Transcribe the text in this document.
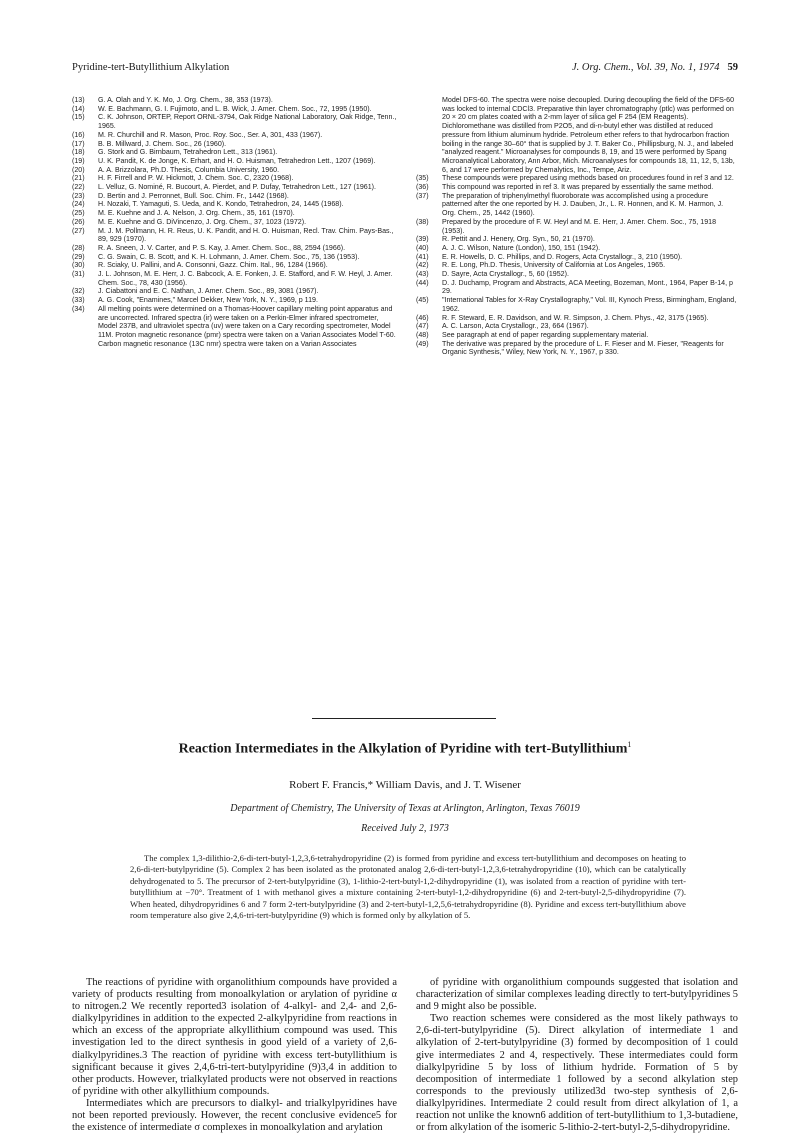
Pyridine-tert-Butyllithium Alkylation	J. Org. Chem., Vol. 39, No. 1, 1974 59
(13)	G. A. Olah and Y. K. Mo, J. Org. Chem., 38, 353 (1973).
(14)	W. E. Bachmann, G. I. Fujimoto, and L. B. Wick, J. Amer. Chem. Soc., 72, 1995 (1950).
(15)	C. K. Johnson, ORTEP, Report ORNL-3794, Oak Ridge National Laboratory, Oak Ridge, Tenn., 1965.
(16)	M. R. Churchill and R. Mason, Proc. Roy. Soc., Ser. A, 301, 433 (1967).
(17)	B. B. Millward, J. Chem. Soc., 26 (1960).
(18)	G. Stork and G. Birnbaum, Tetrahedron Lett., 313 (1961).
(19)	U. K. Pandit, K. de Jonge, K. Erhart, and H. O. Huisman, Tetrahedron Lett., 1207 (1969).
(20)	A. A. Brizzolara, Ph.D. Thesis, Columbia University, 1960.
(21)	H. F. Firrell and P. W. Hickmott, J. Chem. Soc. C, 2320 (1968).
(22)	L. Velluz, G. Nominé, R. Bucourt, A. Pierdet, and P. Dufay, Tetrahedron Lett., 127 (1961).
(23)	D. Bertin and J. Perronnet, Bull. Soc. Chim. Fr., 1442 (1968).
(24)	H. Nozaki, T. Yamaguti, S. Ueda, and K. Kondo, Tetrahedron, 24, 1445 (1968).
(25)	M. E. Kuehne and J. A. Nelson, J. Org. Chem., 35, 161 (1970).
(26)	M. E. Kuehne and G. DiVincenzo, J. Org. Chem., 37, 1023 (1972).
(27)	M. J. M. Pollmann, H. R. Reus, U. K. Pandit, and H. O. Huisman, Recl. Trav. Chim. Pays-Bas., 89, 929 (1970).
(28)	R. A. Sneen, J. V. Carter, and P. S. Kay, J. Amer. Chem. Soc., 88, 2594 (1966).
(29)	C. G. Swain, C. B. Scott, and K. H. Lohmann, J. Amer. Chem. Soc., 75, 136 (1953).
(30)	R. Sciaky, U. Pallini, and A. Consonni, Gazz. Chim. Ital., 96, 1284 (1966).
(31)	J. L. Johnson, M. E. Herr, J. C. Babcock, A. E. Fonken, J. E. Stafford, and F. W. Heyl, J. Amer. Chem. Soc., 78, 430 (1956).
(32)	J. Ciabattoni and E. C. Nathan, J. Amer. Chem. Soc., 89, 3081 (1967).
(33)	A. G. Cook, "Enamines," Marcel Dekker, New York, N. Y., 1969, p 119.
(34)	All melting points were determined on a Thomas-Hoover capillary melting point apparatus and are uncorrected. Infrared spectra (ir) were taken on a Perkin-Elmer infrared spectrometer, Model 237B, and ultraviolet spectra (uv) were taken on a Cary recording spectrometer, Model 11M. Proton magnetic resonance (pmr) spectra were taken on a Varian Associates Model T-60. Carbon magnetic resonance (13C nmr) spectra were taken on a Varian Associates
Model DFS-60. The spectra were noise decoupled. During decoupling the field of the DFS-60 was locked to internal CDCl3. Preparative thin layer chromatography (ptlc) was performed on 20 × 20 cm plates coated with a 2-mm layer of silica gel F 254 (EM Reagents). Dichloromethane was distilled from P2O5, and di-n-butyl ether was distilled at reduced pressure from lithium aluminum hydride. Petroleum ether refers to that hydrocarbon fraction boiling in the range 30–60° that is supplied by J. T. Baker Co., Phillipsburg, N. J., and labeled "analyzed reagent." Microanalyses for compounds 8, 19, and 15 were performed by Spang Microanalytical Laboratory, Ann Arbor, Mich. Microanalyses for compounds 18, 11, 12, 5, 13b, 6, and 17 were performed by Chemalytics, Inc., Tempe, Ariz.
(35)	These compounds were prepared using methods based on procedures found in ref 3 and 12.
(36)	This compound was reported in ref 3. It was prepared by essentially the same method.
(37)	The preparation of triphenylmethyl fluoroborate was accomplished using a procedure patterned after the one reported by H. J. Dauben, Jr., L. R. Honnen, and K. M. Harmon, J. Org. Chem., 25, 1442 (1960).
(38)	Prepared by the procedure of F. W. Heyl and M. E. Herr, J. Amer. Chem. Soc., 75, 1918 (1953).
(39)	R. Pettit and J. Henery, Org. Syn., 50, 21 (1970).
(40)	A. J. C. Wilson, Nature (London), 150, 151 (1942).
(41)	E. R. Howells, D. C. Phillips, and D. Rogers, Acta Crystallogr., 3, 210 (1950).
(42)	R. E. Long, Ph.D. Thesis, University of California at Los Angeles, 1965.
(43)	D. Sayre, Acta Crystallogr., 5, 60 (1952).
(44)	D. J. Duchamp, Program and Abstracts, ACA Meeting, Bozeman, Mont., 1964, Paper B-14, p 29.
(45)	"International Tables for X-Ray Crystallography," Vol. III, Kynoch Press, Birmingham, England, 1962.
(46)	R. F. Steward, E. R. Davidson, and W. R. Simpson, J. Chem. Phys., 42, 3175 (1965).
(47)	A. C. Larson, Acta Crystallogr., 23, 664 (1967).
(48)	See paragraph at end of paper regarding supplementary material.
(49)	The derivative was prepared by the procedure of L. F. Fieser and M. Fieser, "Reagents for Organic Synthesis," Wiley, New York, N. Y., 1967, p 330.
Reaction Intermediates in the Alkylation of Pyridine with tert-Butyllithium$^1$
Robert F. Francis,* William Davis, and J. T. Wisener
Department of Chemistry, The University of Texas at Arlington, Arlington, Texas 76019
Received July 2, 1973

The complex 1,3-dilithio-2,6-di-tert-butyl-1,2,3,6-tetrahydropyridine (2) is formed from pyridine and excess tert-butyllithium and decomposes on heating to 2,6-di-tert-butylpyridine (5). Complex 2 has been isolated as the protonated analog 2,6-di-tert-butyl-1,2,3,6-tetrahydropyridine (10), which can be catalytically dehydrogenated to 5. The precursor of 2-tert-butylpyridine (3), 1-lithio-2-tert-butyl-1,2-dihydropyridine (1), was isolated from a reaction of pyridine with tert-butyllithium at −70°. Treatment of 1 with methanol gives a mixture containing 2-tert-butyl-1,2-dihydropyridine (6) and 2-tert-butyl-2,5-dihydropyridine (7). When heated, dihydropyridines 6 and 7 form 2-tert-butylpyridine (3) and 2-tert-butyl-1,2,5,6-tetrahydropyridine (8). Pyridine and excess tert-butyllithium above room temperature also give 2,4,6-tri-tert-butylpyridine (9) which is formed only by alkylation of 5.

The reactions of pyridine with organolithium compounds have provided a variety of products resulting from monoalkylation or arylation of pyridine α to nitrogen.2 We recently reported3 isolation of 4-alkyl- and 2,4- and 2,6-dialkylpyridines in addition to the expected 2-alkylpyridine from reactions in which an excess of the appropriate alkyllithium compound was used. This investigation led to the direct synthesis in good yield of a variety of 2,6-dialkylpyridines.3 The reaction of pyridine with excess tert-butyllithium is significant because it gives 2,4,6-tri-tert-butylpyridine (9)3,4 in addition to other products. However, trialkylated products were not observed in reactions of pyridine with other alkyllithium compounds.

Intermediates which are precursors to dialkyl- and trialkylpyridines have not been reported previously. However, the recent conclusive evidence5 for the existence of intermediate σ complexes in monoalkylation and arylation

of pyridine with organolithium compounds suggested that isolation and characterization of similar complexes leading directly to tert-butylpyridines 5 and 9 might also be possible.

Two reaction schemes were considered as the most likely pathways to 2,6-di-tert-butylpyridine (5). Direct alkylation of intermediate 1 and alkylation of 2-tert-butylpyridine (3) formed by decomposition of 1 could give intermediates 2 and 4, respectively. These intermediates could form dialkylpyridine 5 by loss of lithium hydride. Formation of 5 by decomposition of intermediate 1 followed by a second alkylation step corresponds to the previously utilized3d two-step synthesis of 2,6-dialkylpyridines. Intermediate 2 could result from direct alkylation of 1, a reaction not unlike the known6 addition of tert-butyllithium to 1,3-butadiene, or from alkylation of the isomeric 5-lithio-2-tert-butyl-2,5-dihydropyridine.
